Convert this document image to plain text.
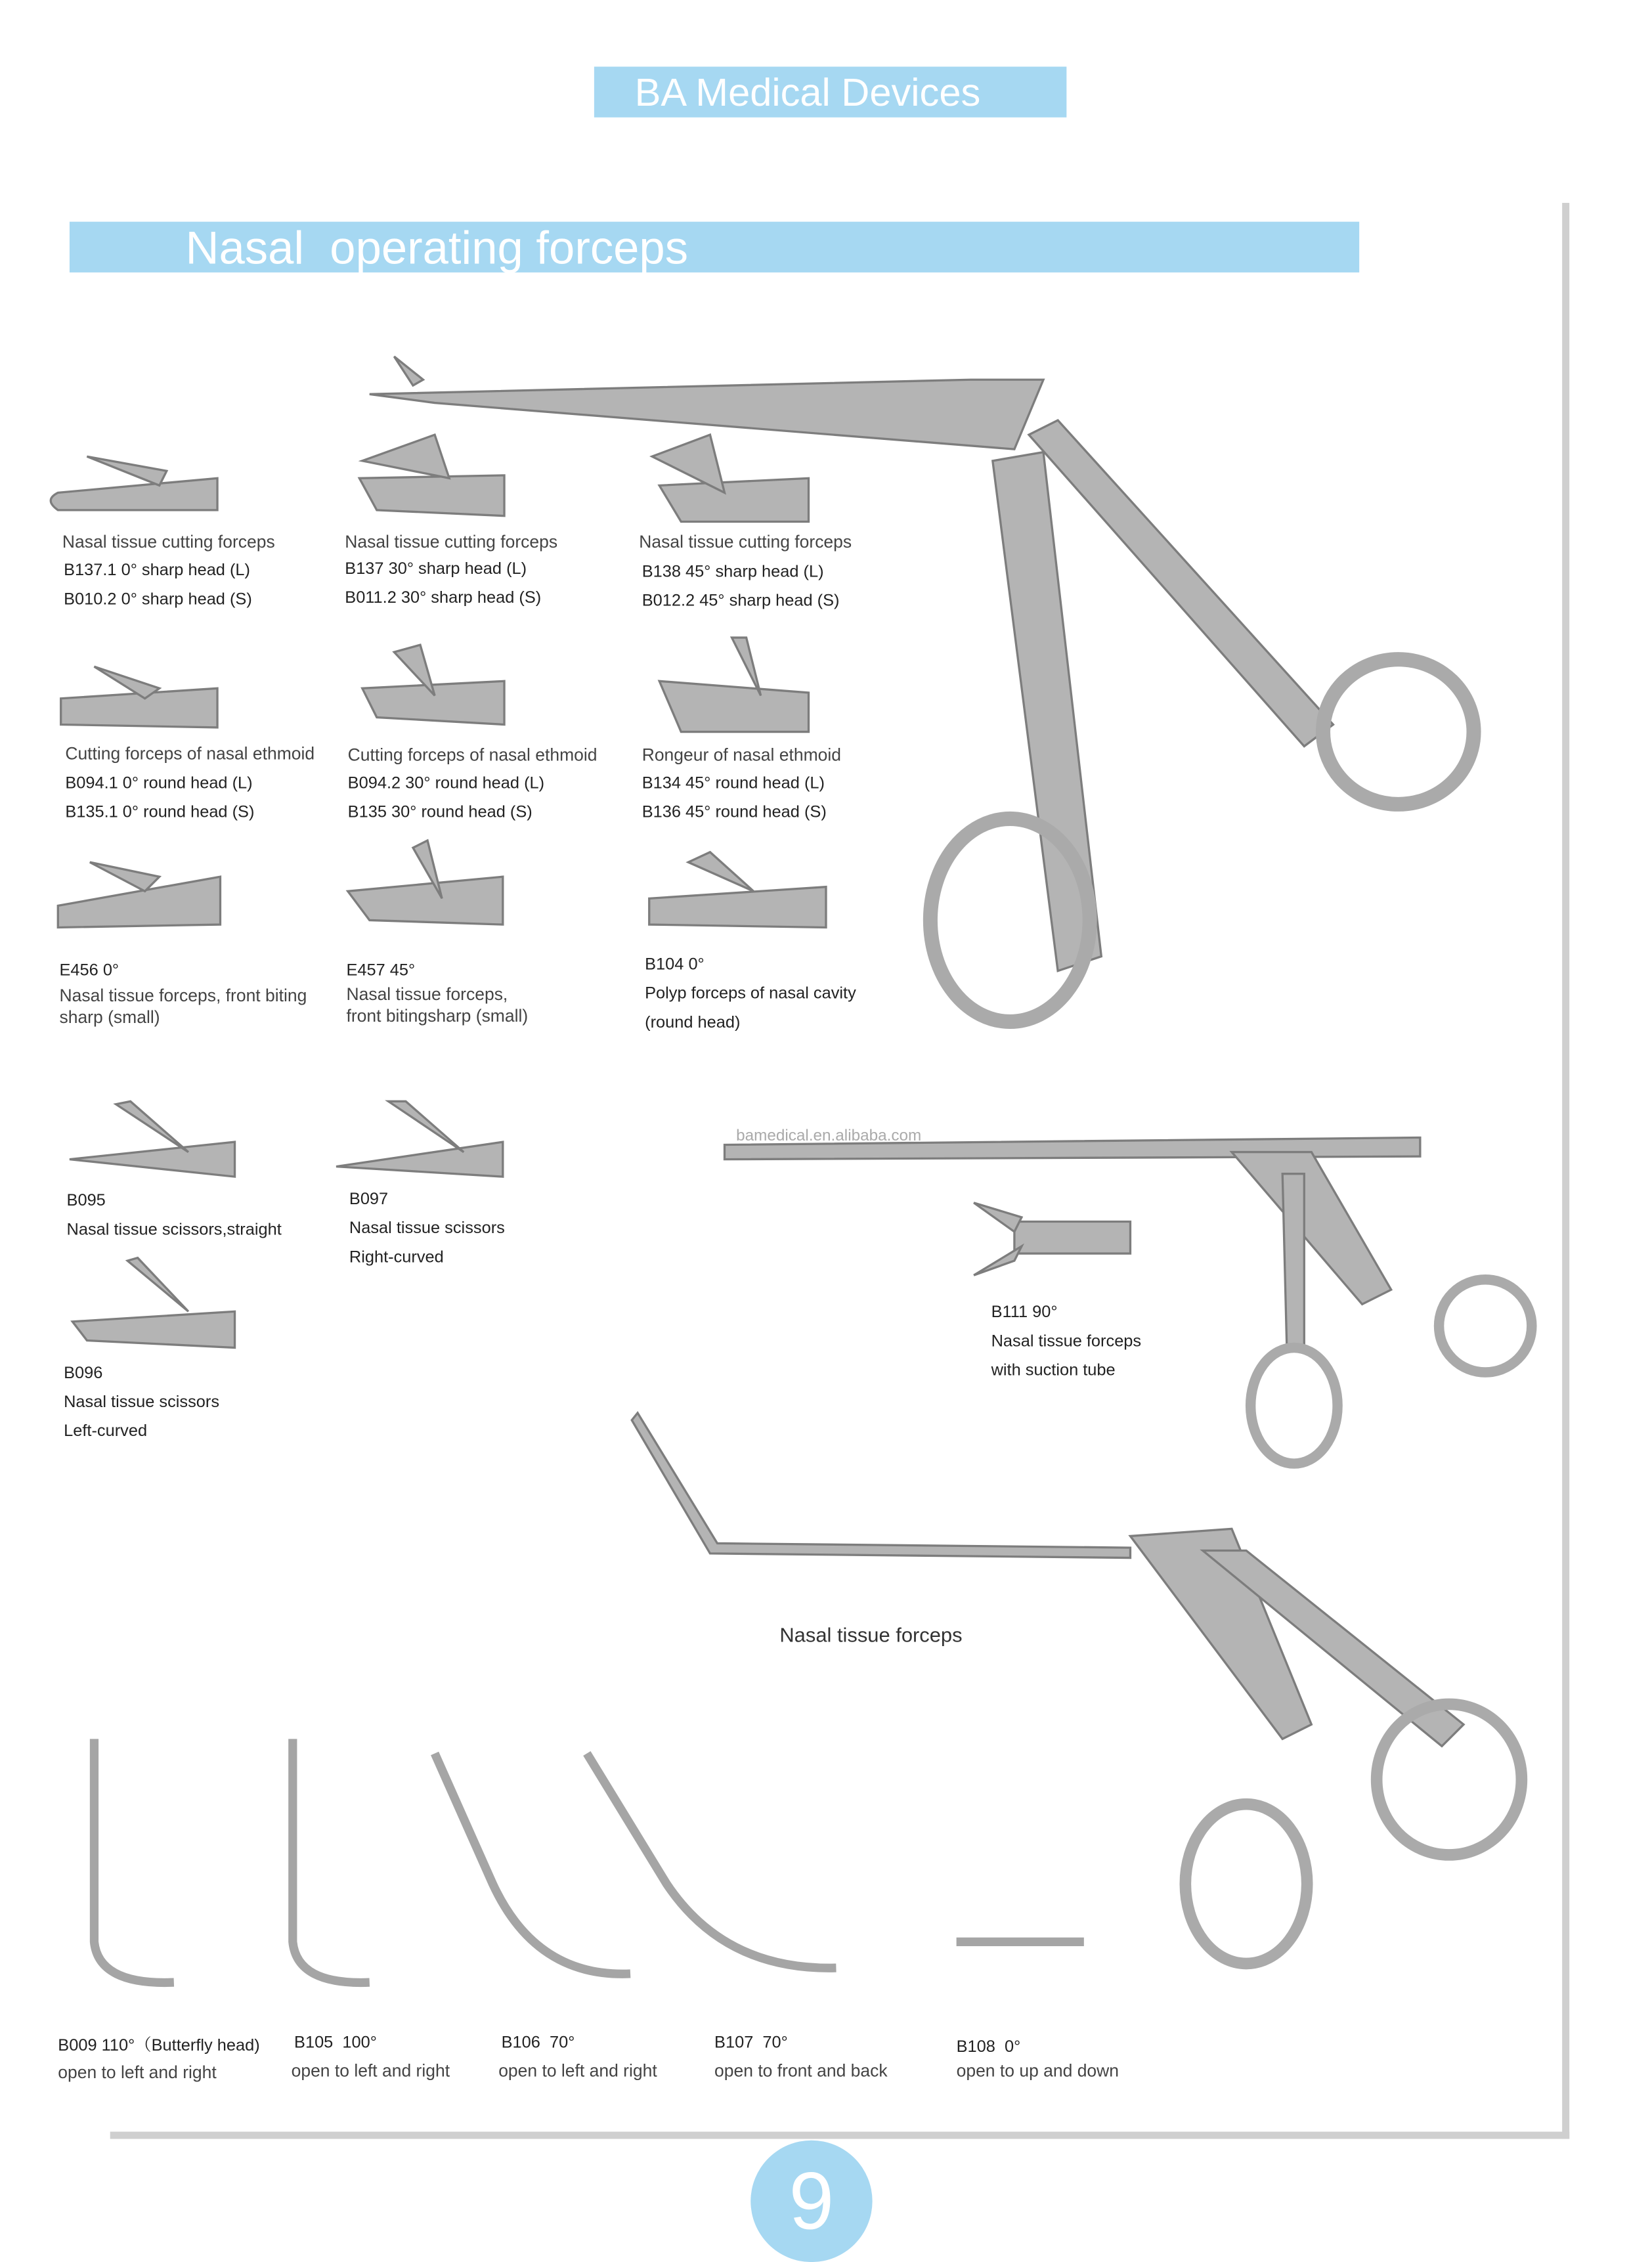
BA Medical Devices
Nasal  operating forceps
bamedical.en.alibaba.com
Nasal tissue cutting forceps
B137.1 0° sharp head (L)
B010.2 0° sharp head (S)
Nasal tissue cutting forceps
B137 30° sharp head (L)
B011.2 30° sharp head (S)
Nasal tissue cutting forceps
B138 45° sharp head (L)
B012.2 45° sharp head (S)
Cutting forceps of nasal ethmoid
B094.1 0° round head (L)
B135.1 0° round head (S)
Cutting forceps of nasal ethmoid
B094.2 30° round head (L)
B135 30° round head (S)
Rongeur of nasal ethmoid
B134 45° round head (L)
B136 45° round head (S)
E456 0°
Nasal tissue forceps, front biting
sharp (small)
E457 45°
Nasal tissue forceps,
front bitingsharp (small)
B104 0°
Polyp forceps of nasal cavity
(round head)
B095
Nasal tissue scissors,straight
B097
Nasal tissue scissors
Right-curved
B096
Nasal tissue scissors
Left-curved
B111 90°
Nasal tissue forceps
with suction tube
Nasal tissue forceps
B009 110°（Butterfly head)
open to left and right
B105  100°
open to left and right
B106  70°
open to left and right
B107  70°
open to front and back
B108  0°
open to up and down
9
